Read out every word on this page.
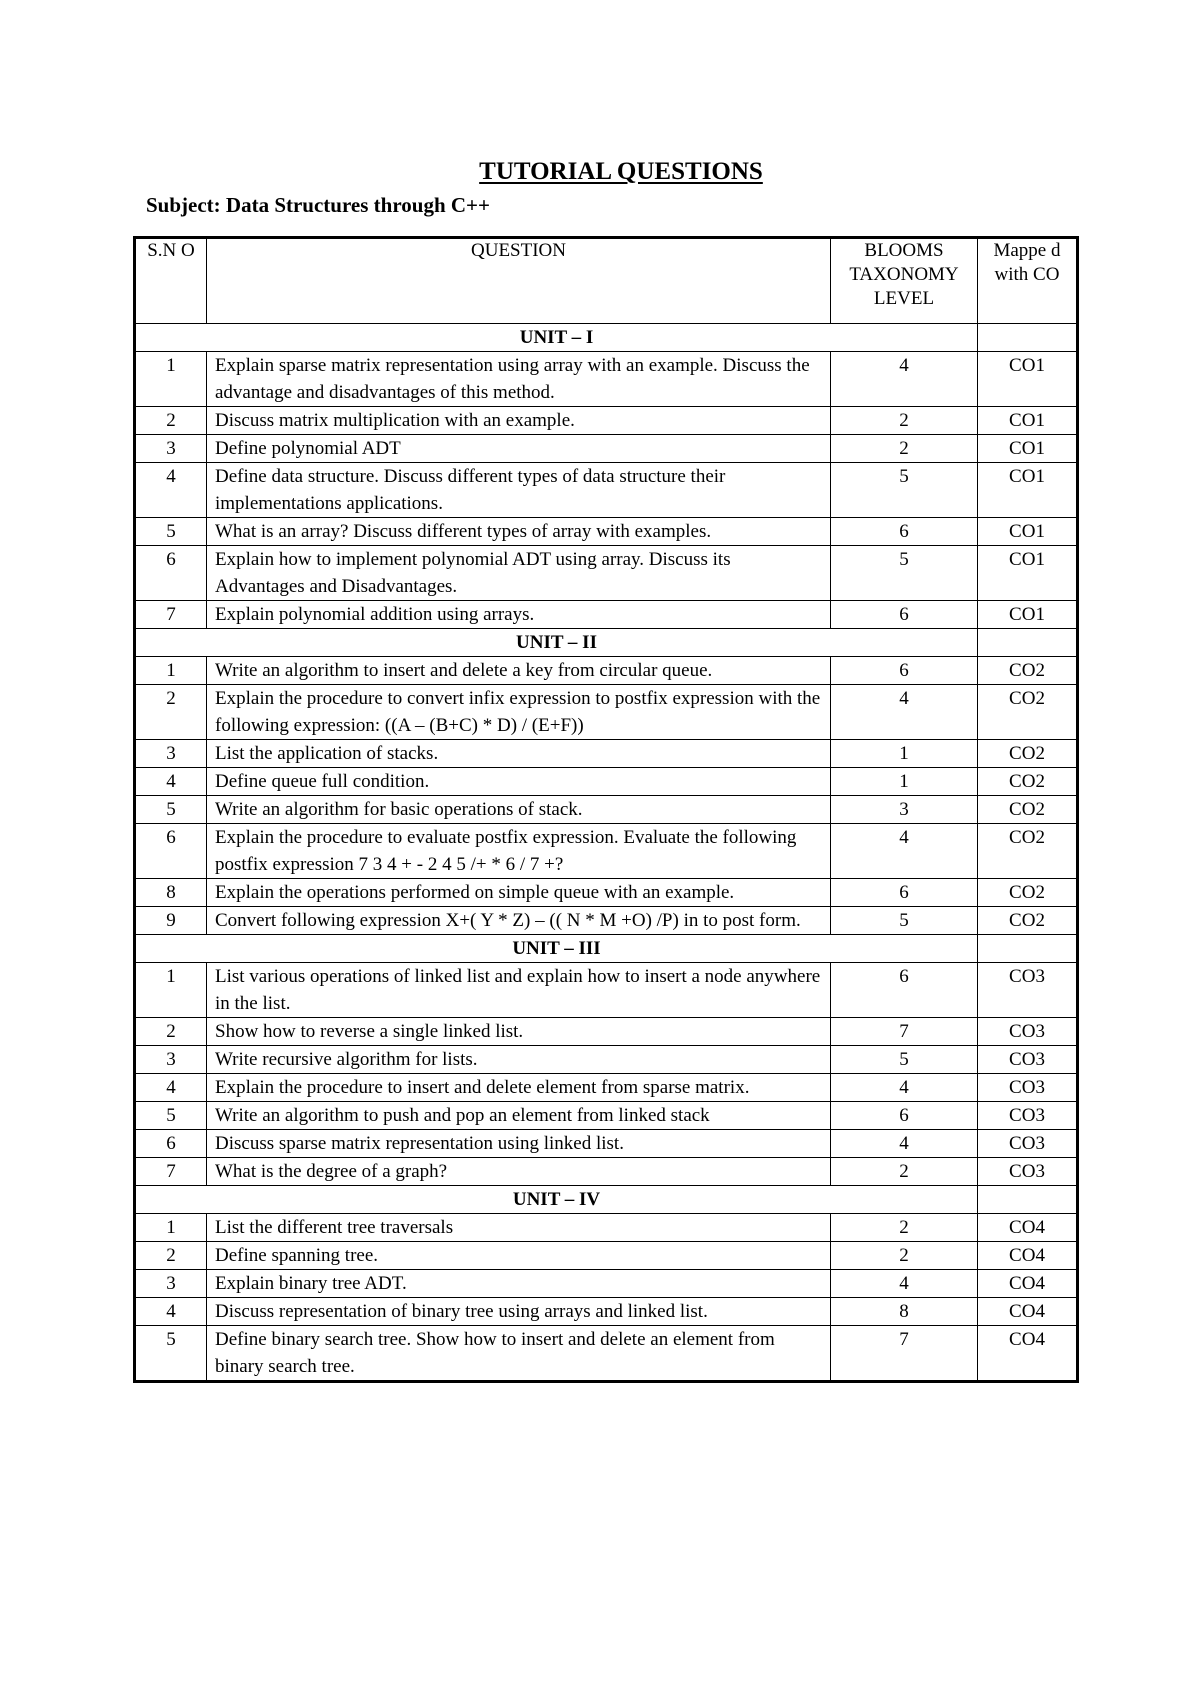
TUTORIAL QUESTIONS
Subject: Data Structures through C++
S.N O	QUESTION	BLOOMS TAXONOMY LEVEL	Mappe d with CO
UNIT – I			
1	Explain sparse matrix representation using array with an example. Discuss the advantage and disadvantages of this method.	4	CO1
2	Discuss matrix multiplication with an example.	2	CO1
3	Define polynomial ADT	2	CO1
4	Define data structure. Discuss different types of data structure their implementations applications.	5	CO1
5	What is an array? Discuss different types of array with examples.	6	CO1
6	Explain how to implement polynomial ADT using array. Discuss its Advantages and Disadvantages.	5	CO1
7	Explain polynomial addition using arrays.	6	CO1
UNIT – II			
1	Write an algorithm to insert and delete a key from circular queue.	6	CO2
2	Explain the procedure to convert infix expression to postfix expression with the following expression: ((A – (B+C) * D) / (E+F))	4	CO2
3	List the application of stacks.	1	CO2
4	Define queue full condition.	1	CO2
5	Write an algorithm for basic operations of stack.	3	CO2
6	Explain the procedure to evaluate postfix expression. Evaluate the following postfix expression 7 3 4 + - 2 4 5 /+ * 6 / 7 +?	4	CO2
8	Explain the operations performed on simple queue with an example.	6	CO2
9	Convert following expression X+( Y * Z) – (( N * M +O) /P) in to post form.	5	CO2
UNIT – III			
1	List various operations of linked list and explain how to insert a node anywhere in the list.	6	CO3
2	Show how to reverse a single linked list.	7	CO3
3	Write recursive algorithm for lists.	5	CO3
4	Explain the procedure to insert and delete element from sparse matrix.	4	CO3
5	Write an algorithm to push and pop an element from linked stack	6	CO3
6	Discuss sparse matrix representation using linked list.	4	CO3
7	What is the degree of a graph?	2	CO3
UNIT – IV			
1	List the different tree traversals	2	CO4
2	Define spanning tree.	2	CO4
3	Explain binary tree ADT.	4	CO4
4	Discuss representation of binary tree using arrays and linked list.	8	CO4
5	Define binary search tree. Show how to insert and delete an element from binary search tree.	7	CO4
